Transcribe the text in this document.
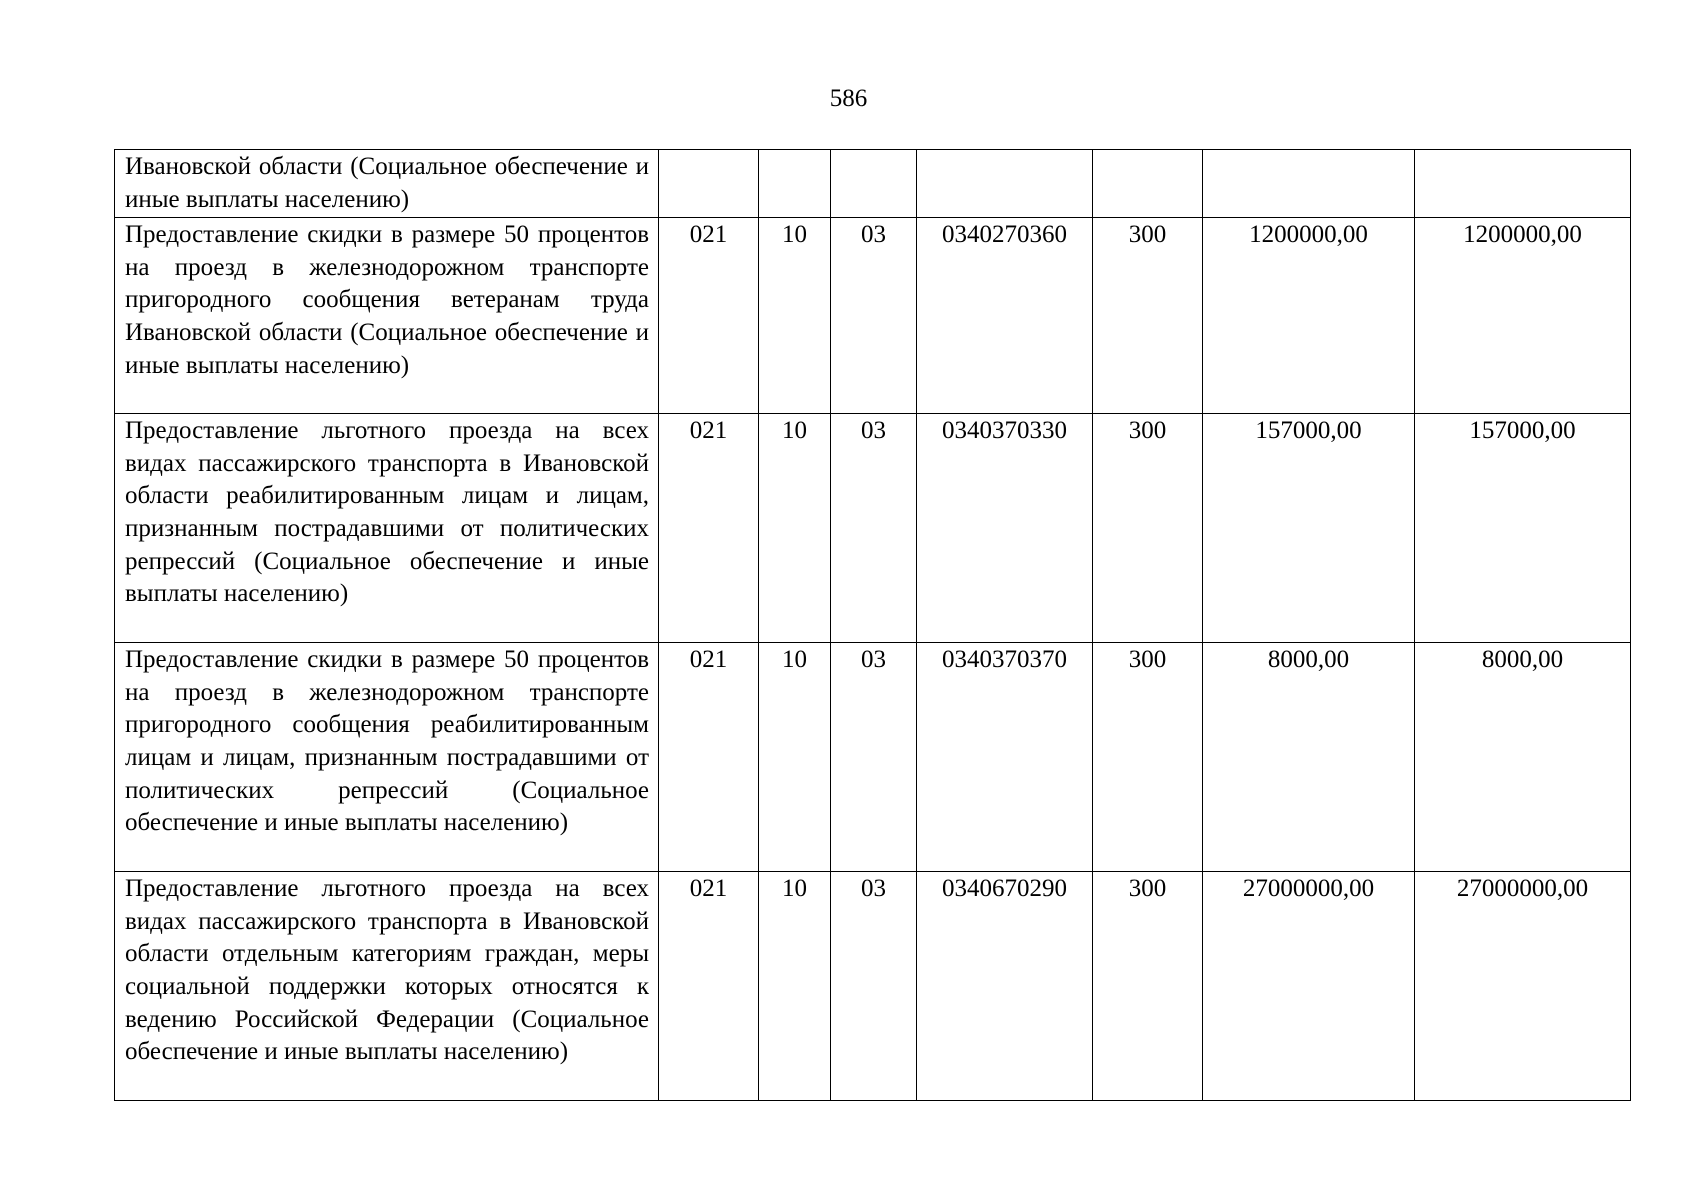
586
Ивановской области (Социальное обеспечение и иные выплаты населению)							
Предоставление скидки в размере 50 процентов на проезд в железнодорожном транспорте пригородного сообщения ветеранам труда Ивановской области (Социальное обеспечение и иные выплаты населению)	021	10	03	0340270360	300	1200000,00	1200000,00
Предоставление льготного проезда на всех видах пассажирского транспорта в Ивановской области реабилитированным лицам и лицам, признанным пострадавшими от политических репрессий (Социальное обеспечение и иные выплаты населению)	021	10	03	0340370330	300	157000,00	157000,00
Предоставление скидки в размере 50 процентов на проезд в железнодорожном транспорте пригородного сообщения реабилитированным лицам и лицам, признанным пострадавшими от политических репрессий (Социальное обеспечение и иные выплаты населению)	021	10	03	0340370370	300	8000,00	8000,00
Предоставление льготного проезда на всех видах пассажирского транспорта в Ивановской области отдельным категориям граждан, меры социальной поддержки которых относятся к ведению Российской Федерации (Социальное обеспечение и иные выплаты населению)	021	10	03	0340670290	300	27000000,00	27000000,00
